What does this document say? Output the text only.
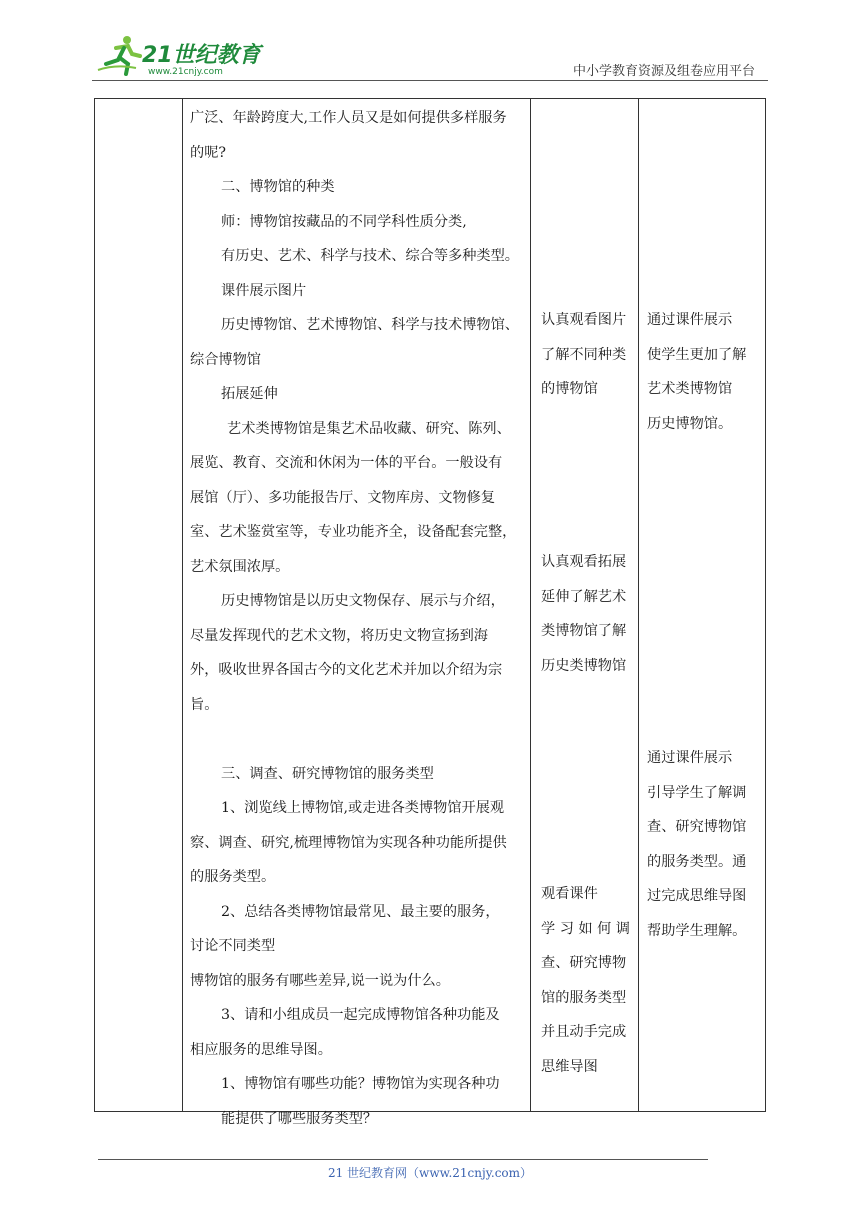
21世纪教育
www.21cnjy.com	中小学教育资源及组卷应用平台

广泛、年龄跨度大,工作人员又是如何提供多样服务

的呢?

二、博物馆的种类

师：博物馆按藏品的不同学科性质分类,

有历史、艺术、科学与技术、综合等多种类型。

课件展示图片

历史博物馆、艺术博物馆、科学与技术博物馆、

综合博物馆

拓展延伸

艺术类博物馆是集艺术品收藏、研究、陈列、

展览、教育、交流和休闲为一体的平台。一般设有

展馆（厅）、多功能报告厅、文物库房、文物修复

室、艺术鉴赏室等，专业功能齐全，设备配套完整，

艺术氛围浓厚。

历史博物馆是以历史文物保存、展示与介绍，

尽量发挥现代的艺术文物，将历史文物宣扬到海

外，吸收世界各国古今的文化艺术并加以介绍为宗

旨。

三、调查、研究博物馆的服务类型

1、浏览线上博物馆,或走进各类博物馆开展观

察、调查、研究,梳理博物馆为实现各种功能所提供

的服务类型。

2、总结各类博物馆最常见、最主要的服务，

讨论不同类型

博物馆的服务有哪些差异,说一说为什么。

3、请和小组成员一起完成博物馆各种功能及

相应服务的思维导图。

1、博物馆有哪些功能？博物馆为实现各种功

能提供了哪些服务类型？

认真观看图片

了解不同种类

的博物馆

认真观看拓展

延伸了解艺术

类博物馆了解

历史类博物馆

观看课件

学 习 如 何 调

查、研究博物

馆的服务类型

并且动手完成

思维导图

通过课件展示

使学生更加了解

艺术类博物馆

历史博物馆。

通过课件展示

引导学生了解调

查、研究博物馆

的服务类型。通

过完成思维导图

帮助学生理解。

21 世纪教育网（www.21cnjy.com）
